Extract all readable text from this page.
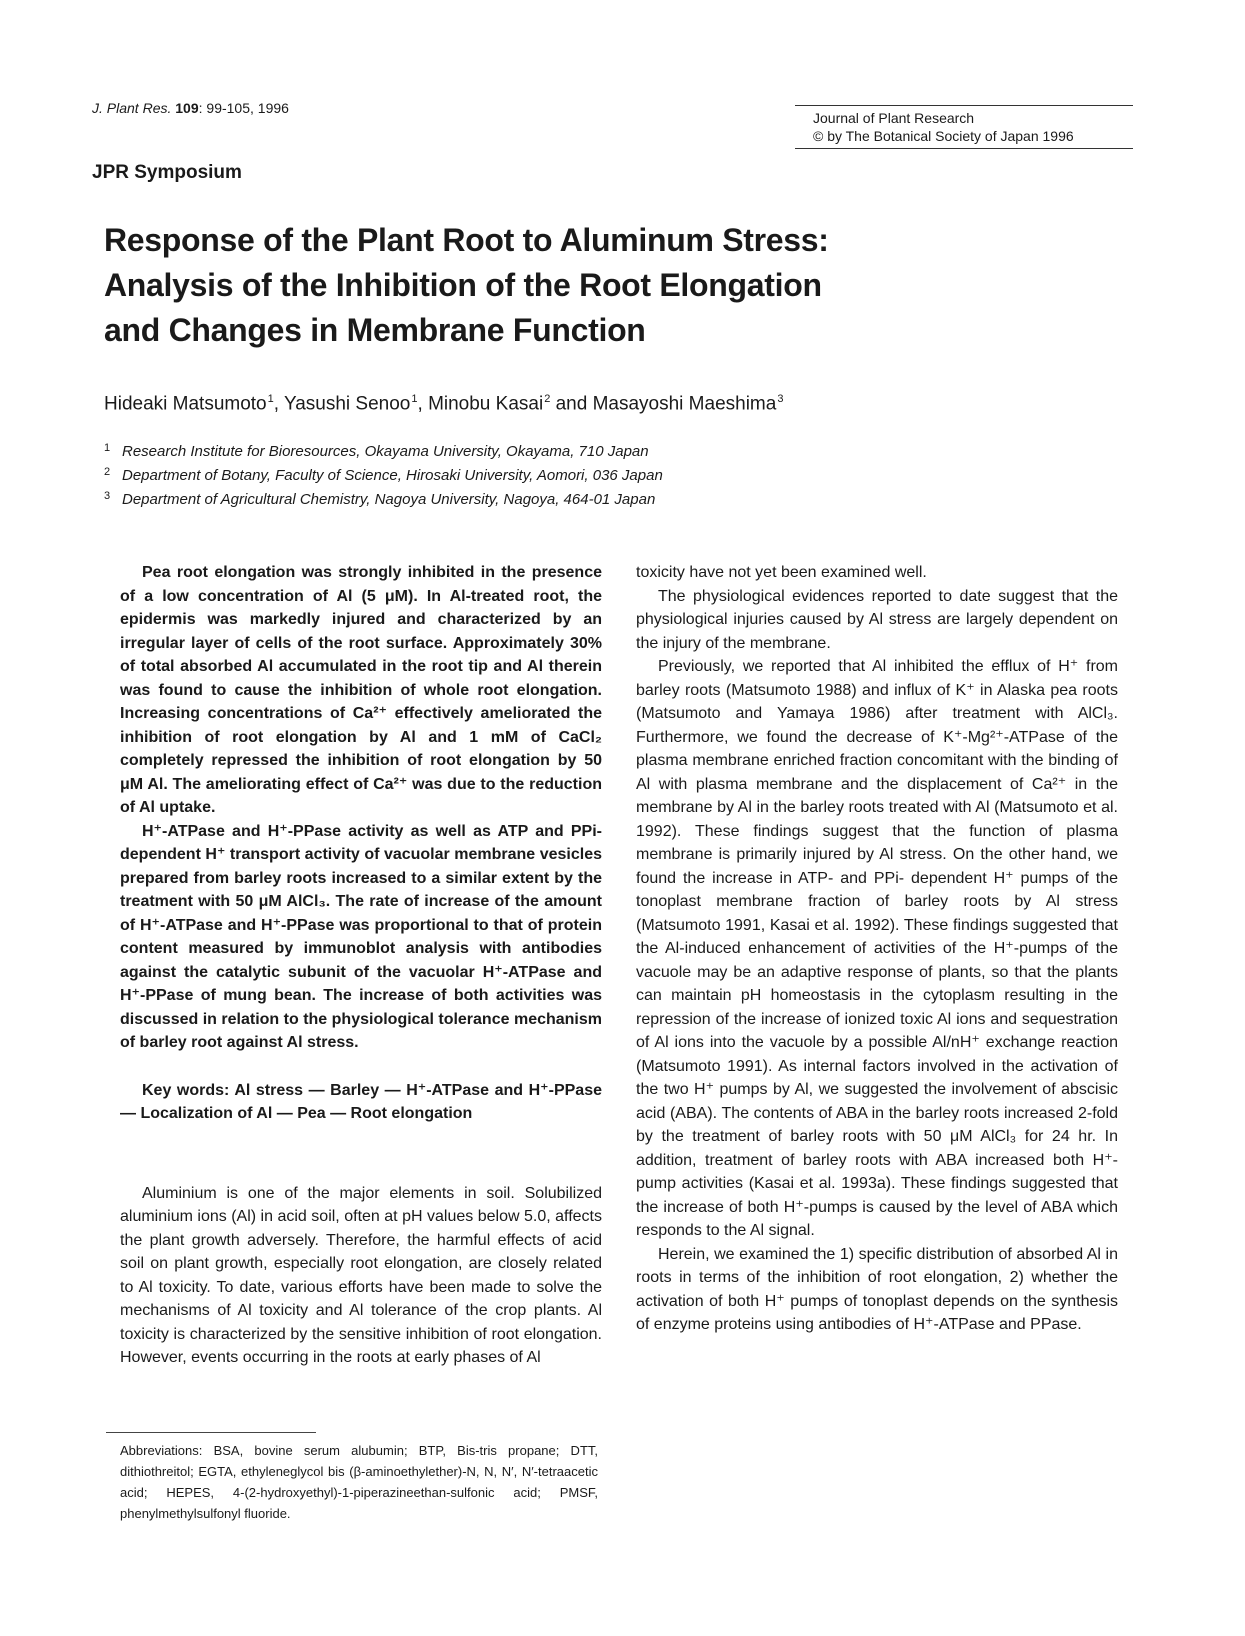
J. Plant Res. 109: 99-105, 1996
Journal of Plant Research
© by The Botanical Society of Japan 1996
JPR Symposium
Response of the Plant Root to Aluminum Stress:
Analysis of the Inhibition of the Root Elongation
and Changes in Membrane Function
Hideaki Matsumoto$^1$, Yasushi Senoo$^1$, Minobu Kasai$^2$ and Masayoshi Maeshima$^3$
1 Research Institute for Bioresources, Okayama University, Okayama, 710 Japan
2 Department of Botany, Faculty of Science, Hirosaki University, Aomori, 036 Japan
3 Department of Agricultural Chemistry, Nagoya University, Nagoya, 464-01 Japan

Pea root elongation was strongly inhibited in the presence of a low concentration of Al (5 μM). In Al-treated root, the epidermis was markedly injured and characterized by an irregular layer of cells of the root surface. Approximately 30% of total absorbed Al accumulated in the root tip and Al therein was found to cause the inhibition of whole root elongation. Increasing concentrations of Ca²⁺ effectively ameliorated the inhibition of root elongation by Al and 1 mM of CaCl₂ completely repressed the inhibition of root elongation by 50 μM Al. The ameliorating effect of Ca²⁺ was due to the reduction of Al uptake.

H⁺-ATPase and H⁺-PPase activity as well as ATP and PPi-dependent H⁺ transport activity of vacuolar membrane vesicles prepared from barley roots increased to a similar extent by the treatment with 50 μM AlCl₃. The rate of increase of the amount of H⁺-ATPase and H⁺-PPase was proportional to that of protein content measured by immunoblot analysis with antibodies against the catalytic subunit of the vacuolar H⁺-ATPase and H⁺-PPase of mung bean. The increase of both activities was discussed in relation to the physiological tolerance mechanism of barley root against Al stress.

Key words: Al stress — Barley — H⁺-ATPase and H⁺-PPase — Localization of Al — Pea — Root elongation

Aluminium is one of the major elements in soil. Solubilized aluminium ions (Al) in acid soil, often at pH values below 5.0, affects the plant growth adversely. Therefore, the harmful effects of acid soil on plant growth, especially root elongation, are closely related to Al toxicity. To date, various efforts have been made to solve the mechanisms of Al toxicity and Al tolerance of the crop plants. Al toxicity is characterized by the sensitive inhibition of root elongation. However, events occurring in the roots at early phases of Al

toxicity have not yet been examined well.

The physiological evidences reported to date suggest that the physiological injuries caused by Al stress are largely dependent on the injury of the membrane.

Previously, we reported that Al inhibited the efflux of H⁺ from barley roots (Matsumoto 1988) and influx of K⁺ in Alaska pea roots (Matsumoto and Yamaya 1986) after treatment with AlCl₃. Furthermore, we found the decrease of K⁺-Mg²⁺-ATPase of the plasma membrane enriched fraction concomitant with the binding of Al with plasma membrane and the displacement of Ca²⁺ in the membrane by Al in the barley roots treated with Al (Matsumoto et al. 1992). These findings suggest that the function of plasma membrane is primarily injured by Al stress. On the other hand, we found the increase in ATP- and PPi- dependent H⁺ pumps of the tonoplast membrane fraction of barley roots by Al stress (Matsumoto 1991, Kasai et al. 1992). These findings suggested that the Al-induced enhancement of activities of the H⁺-pumps of the vacuole may be an adaptive response of plants, so that the plants can maintain pH homeostasis in the cytoplasm resulting in the repression of the increase of ionized toxic Al ions and sequestration of Al ions into the vacuole by a possible Al/nH⁺ exchange reaction (Matsumoto 1991). As internal factors involved in the activation of the two H⁺ pumps by Al, we suggested the involvement of abscisic acid (ABA). The contents of ABA in the barley roots increased 2-fold by the treatment of barley roots with 50 μM AlCl₃ for 24 hr. In addition, treatment of barley roots with ABA increased both H⁺-pump activities (Kasai et al. 1993a). These findings suggested that the increase of both H⁺-pumps is caused by the level of ABA which responds to the Al signal.

Herein, we examined the 1) specific distribution of absorbed Al in roots in terms of the inhibition of root elongation, 2) whether the activation of both H⁺ pumps of tonoplast depends on the synthesis of enzyme proteins using antibodies of H⁺-ATPase and PPase.

Abbreviations: BSA, bovine serum alubumin; BTP, Bis-tris propane; DTT, dithiothreitol; EGTA, ethyleneglycol bis (β-aminoethylether)-N, N, N′, N′-tetraacetic acid; HEPES, 4-(2-hydroxyethyl)-1-piperazineethan-sulfonic acid; PMSF, phenylmethylsulfonyl fluoride.
